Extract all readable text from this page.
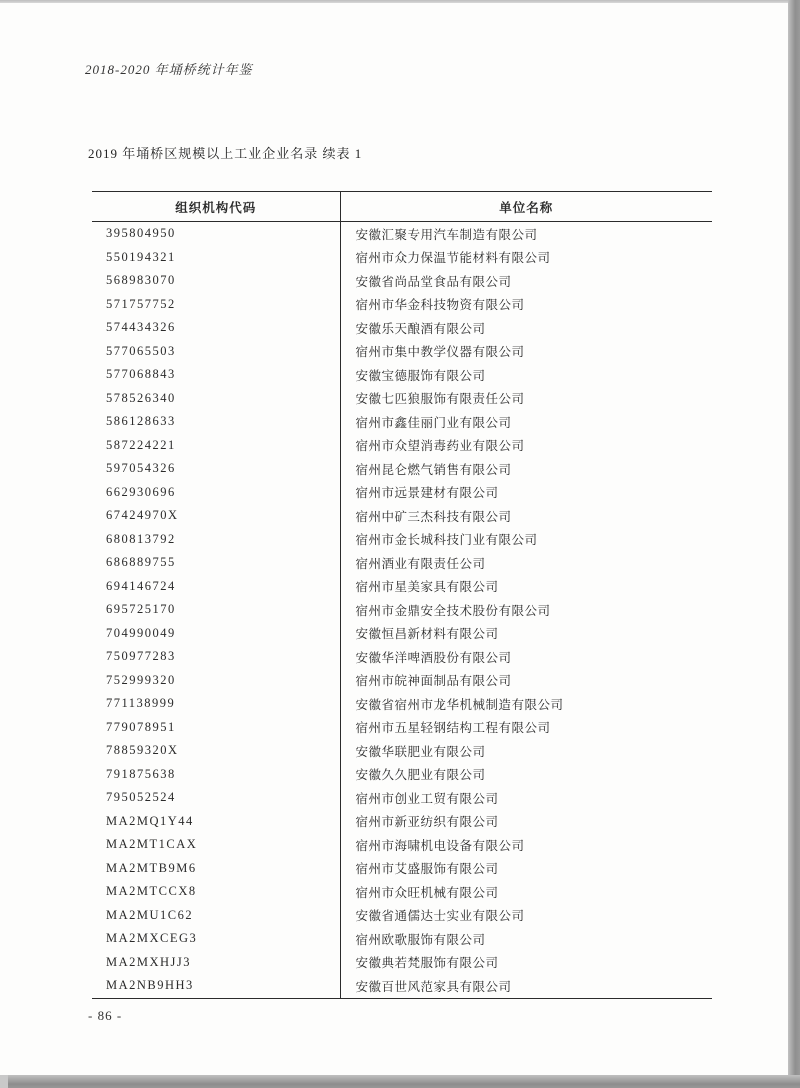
2018-2020 年埇桥统计年鉴
2019 年埇桥区规模以上工业企业名录 续表 1
组织机构代码	单位名称
395804950	安徽汇聚专用汽车制造有限公司
550194321	宿州市众力保温节能材料有限公司
568983070	安徽省尚品堂食品有限公司
571757752	宿州市华金科技物资有限公司
574434326	安徽乐天酿酒有限公司
577065503	宿州市集中教学仪器有限公司
577068843	安徽宝德服饰有限公司
578526340	安徽七匹狼服饰有限责任公司
586128633	宿州市鑫佳丽门业有限公司
587224221	宿州市众望消毒药业有限公司
597054326	宿州昆仑燃气销售有限公司
662930696	宿州市远景建材有限公司
67424970X	宿州中矿三杰科技有限公司
680813792	宿州市金长城科技门业有限公司
686889755	宿州酒业有限责任公司
694146724	宿州市星美家具有限公司
695725170	宿州市金鼎安全技术股份有限公司
704990049	安徽恒昌新材料有限公司
750977283	安徽华洋啤酒股份有限公司
752999320	宿州市皖神面制品有限公司
771138999	安徽省宿州市龙华机械制造有限公司
779078951	宿州市五星轻钢结构工程有限公司
78859320X	安徽华联肥业有限公司
791875638	安徽久久肥业有限公司
795052524	宿州市创业工贸有限公司
MA2MQ1Y44	宿州市新亚纺织有限公司
MA2MT1CAX	宿州市海啸机电设备有限公司
MA2MTB9M6	宿州市艾盛服饰有限公司
MA2MTCCX8	宿州市众旺机械有限公司
MA2MU1C62	安徽省通儒达士实业有限公司
MA2MXCEG3	宿州欧歌服饰有限公司
MA2MXHJJ3	安徽典若梵服饰有限公司
MA2NB9HH3	安徽百世风范家具有限公司
- 86 -
